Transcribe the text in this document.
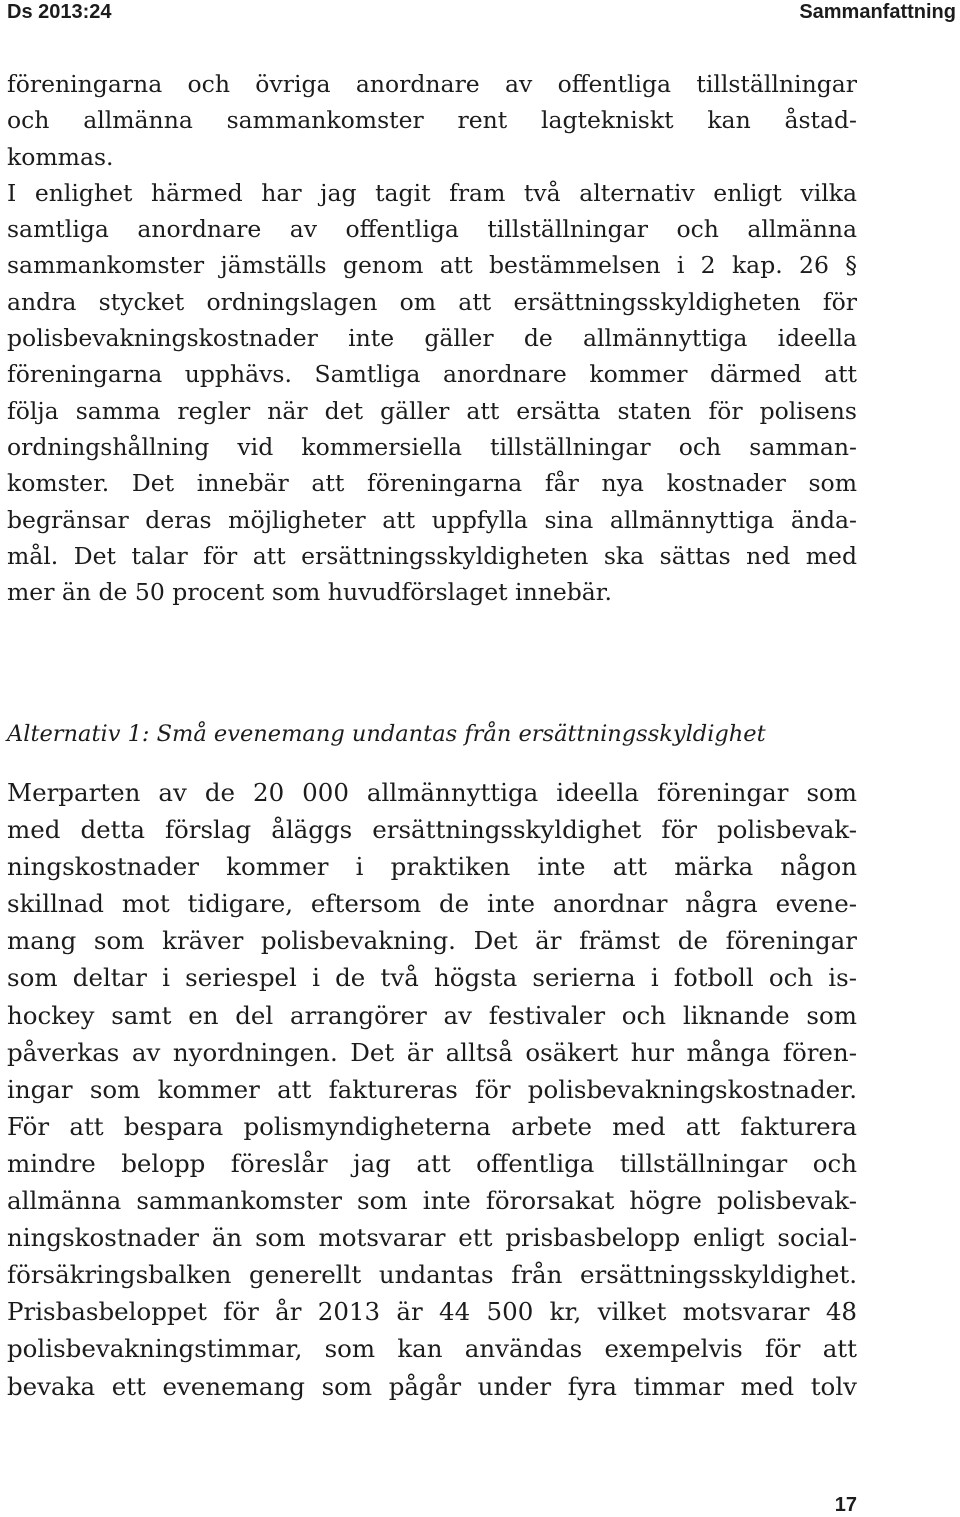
Ds 2013:24	Sammanfattning
föreningarna och övriga anordnare av offentliga tillställningar
och allmänna sammankomster rent lagtekniskt kan åstad-
kommas.
I enlighet härmed har jag tagit fram två alternativ enligt vilka
samtliga anordnare av offentliga tillställningar och allmänna
sammankomster jämställs genom att bestämmelsen i 2 kap. 26 §
andra stycket ordningslagen om att ersättningsskyldigheten för
polisbevakningskostnader inte gäller de allmännyttiga ideella
föreningarna upphävs. Samtliga anordnare kommer därmed att
följa samma regler när det gäller att ersätta staten för polisens
ordningshållning vid kommersiella tillställningar och samman-
komster. Det innebär att föreningarna får nya kostnader som
begränsar deras möjligheter att uppfylla sina allmännyttiga ända-
mål. Det talar för att ersättningsskyldigheten ska sättas ned med
mer än de 50 procent som huvudförslaget innebär.
Alternativ 1: Små evenemang undantas från ersättningsskyldighet
Merparten av de 20 000 allmännyttiga ideella föreningar som
med detta förslag åläggs ersättningsskyldighet för polisbevak-
ningskostnader kommer i praktiken inte att märka någon
skillnad mot tidigare, eftersom de inte anordnar några evene-
mang som kräver polisbevakning. Det är främst de föreningar
som deltar i seriespel i de två högsta serierna i fotboll och is-
hockey samt en del arrangörer av festivaler och liknande som
påverkas av nyordningen. Det är alltså osäkert hur många fören-
ingar som kommer att faktureras för polisbevakningskostnader.
För att bespara polismyndigheterna arbete med att fakturera
mindre belopp föreslår jag att offentliga tillställningar och
allmänna sammankomster som inte förorsakat högre polisbevak-
ningskostnader än som motsvarar ett prisbasbelopp enligt social-
försäkringsbalken generellt undantas från ersättningsskyldighet.
Prisbasbeloppet för år 2013 är 44 500 kr, vilket motsvarar 48
polisbevakningstimmar, som kan användas exempelvis för att
bevaka ett evenemang som pågår under fyra timmar med tolv
17
